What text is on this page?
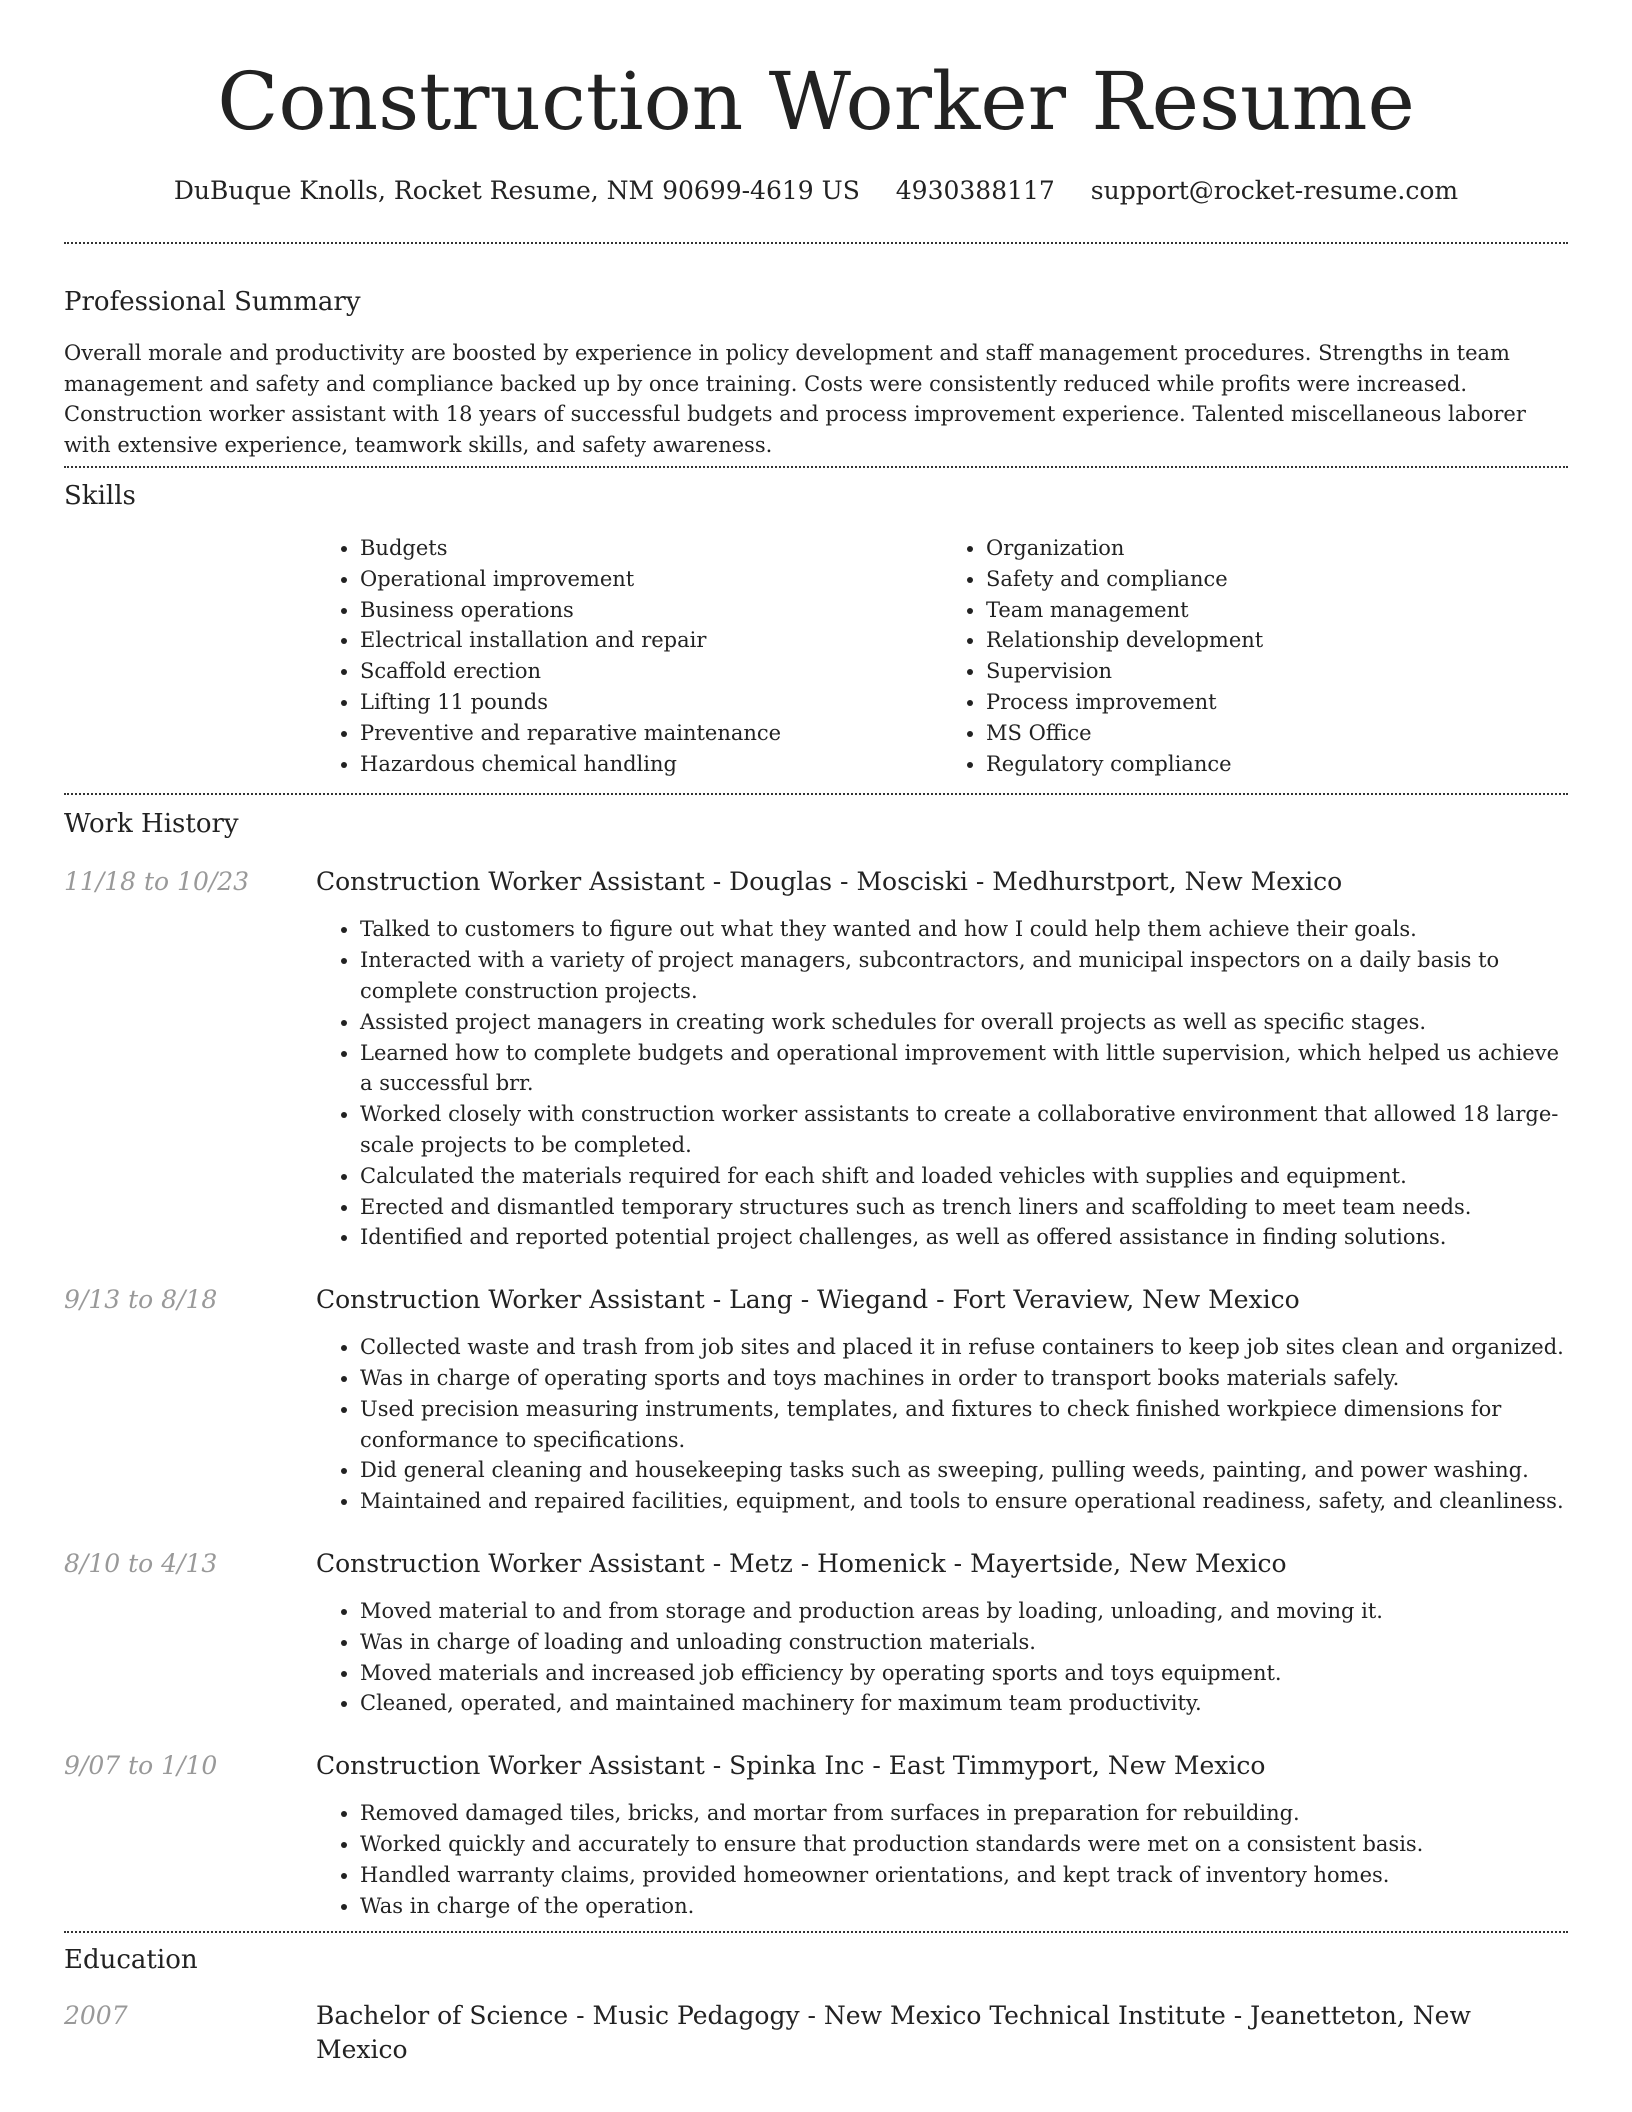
Construction Worker Resume
DuBuque Knolls, Rocket Resume, NM 90699-4619 US 4930388117 support@rocket-resume.com
Professional Summary

Overall morale and productivity are boosted by experience in policy development and staff management procedures. Strengths in team management and safety and compliance backed up by once training. Costs were consistently reduced while profits were increased. Construction worker assistant with 18 years of successful budgets and process improvement experience. Talented miscellaneous laborer with extensive experience, teamwork skills, and safety awareness.

Skills
• Budgets
• Operational improvement
• Business operations
• Electrical installation and repair
• Scaffold erection
• Lifting 11 pounds
• Preventive and reparative maintenance
• Hazardous chemical handling
• Organization
• Safety and compliance
• Team management
• Relationship development
• Supervision
• Process improvement
• MS Office
• Regulatory compliance
Work History
11/18 to 10/23	Construction Worker Assistant - Douglas - Mosciski - Medhurstport, New Mexico
• Talked to customers to figure out what they wanted and how I could help them achieve their goals.
• Interacted with a variety of project managers, subcontractors, and municipal inspectors on a daily basis to complete construction projects.
• Assisted project managers in creating work schedules for overall projects as well as specific stages.
• Learned how to complete budgets and operational improvement with little supervision, which helped us achieve a successful brr.
• Worked closely with construction worker assistants to create a collaborative environment that allowed 18 large-scale projects to be completed.
• Calculated the materials required for each shift and loaded vehicles with supplies and equipment.
• Erected and dismantled temporary structures such as trench liners and scaffolding to meet team needs.
• Identified and reported potential project challenges, as well as offered assistance in finding solutions.
9/13 to 8/18	Construction Worker Assistant - Lang - Wiegand - Fort Veraview, New Mexico
• Collected waste and trash from job sites and placed it in refuse containers to keep job sites clean and organized.
• Was in charge of operating sports and toys machines in order to transport books materials safely.
• Used precision measuring instruments, templates, and fixtures to check finished workpiece dimensions for conformance to specifications.
• Did general cleaning and housekeeping tasks such as sweeping, pulling weeds, painting, and power washing.
• Maintained and repaired facilities, equipment, and tools to ensure operational readiness, safety, and cleanliness.
8/10 to 4/13	Construction Worker Assistant - Metz - Homenick - Mayertside, New Mexico
• Moved material to and from storage and production areas by loading, unloading, and moving it.
• Was in charge of loading and unloading construction materials.
• Moved materials and increased job efficiency by operating sports and toys equipment.
• Cleaned, operated, and maintained machinery for maximum team productivity.
9/07 to 1/10	Construction Worker Assistant - Spinka Inc - East Timmyport, New Mexico
• Removed damaged tiles, bricks, and mortar from surfaces in preparation for rebuilding.
• Worked quickly and accurately to ensure that production standards were met on a consistent basis.
• Handled warranty claims, provided homeowner orientations, and kept track of inventory homes.
• Was in charge of the operation.
Education
2007	Bachelor of Science - Music Pedagogy - New Mexico Technical Institute - Jeanetteton, New Mexico
